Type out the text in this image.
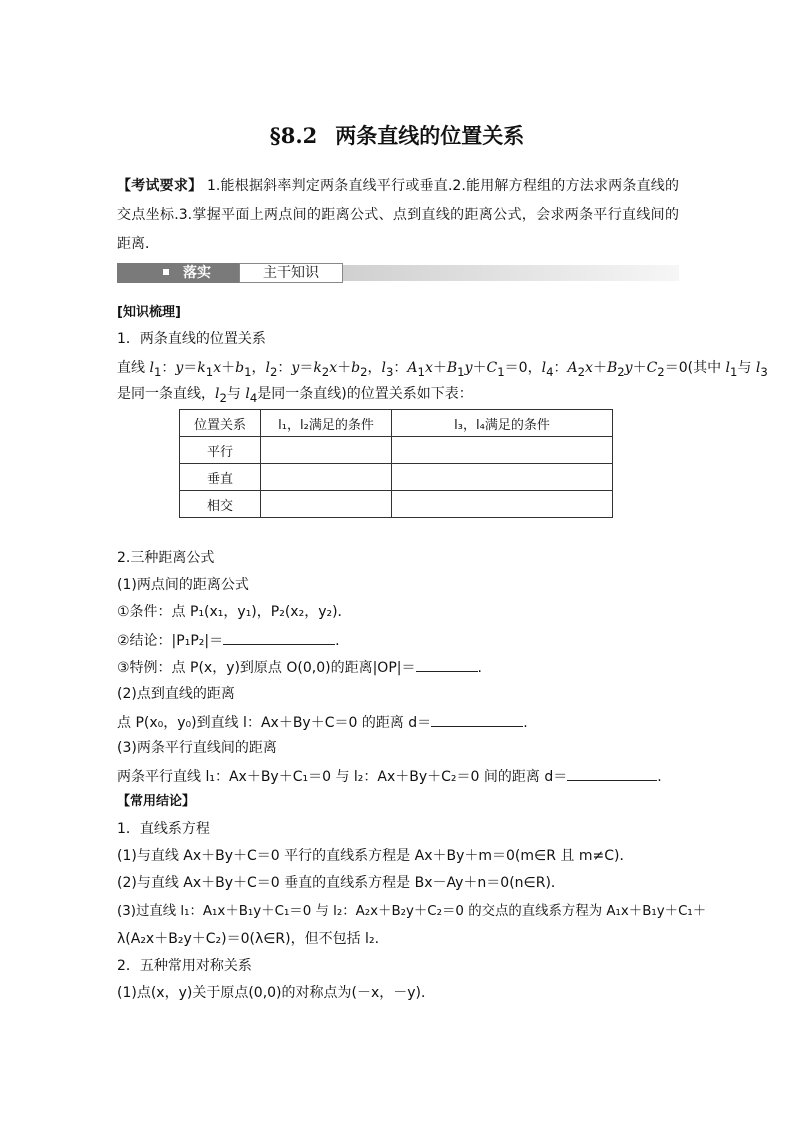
§8.2 两条直线的位置关系
【考试要求】 1.能根据斜率判定两条直线平行或垂直.2.能用解方程组的方法求两条直线的交点坐标.3.掌握平面上两点间的距离公式、点到直线的距离公式，会求两条平行直线间的距离．
落实	主干知识
[知识梳理]
1．两条直线的位置关系
直线 $l_1$：$y=k_1x+b_1$，$l_2$：$y=k_2x+b_2$，$l_3$：$A_1x+B_1y+C_1=0$，$l_4$：$A_2x+B_2y+C_2=0$(其中 $l_1$与 $l_3$
是同一条直线，$l_2$与 $l_4$是同一条直线)的位置关系如下表：
位置关系	l₁，l₂满足的条件	l₃，l₄满足的条件
平行		
垂直		
相交		
2.三种距离公式
(1)两点间的距离公式
①条件：点 P₁(x₁，y₁)，P₂(x₂，y₂)．
②结论：|P₁P₂|＝	.
③特例：点 P(x，y)到原点 O(0,0)的距离|OP|＝	.
(2)点到直线的距离
点 P(x₀，y₀)到直线 l：Ax＋By＋C＝0 的距离 d＝	.
(3)两条平行直线间的距离
两条平行直线 l₁：Ax＋By＋C₁＝0 与 l₂：Ax＋By＋C₂＝0 间的距离 d＝	.
【常用结论】
1．直线系方程
(1)与直线 Ax＋By＋C＝0 平行的直线系方程是 Ax＋By＋m＝0(m∈R 且 m≠C)．
(2)与直线 Ax＋By＋C＝0 垂直的直线系方程是 Bx－Ay＋n＝0(n∈R)．
(3)过直线 l₁：A₁x＋B₁y＋C₁＝0 与 l₂：A₂x＋B₂y＋C₂＝0 的交点的直线系方程为 A₁x＋B₁y＋C₁＋
λ(A₂x＋B₂y＋C₂)＝0(λ∈R)，但不包括 l₂.
2．五种常用对称关系
(1)点(x，y)关于原点(0,0)的对称点为(－x，－y)．
